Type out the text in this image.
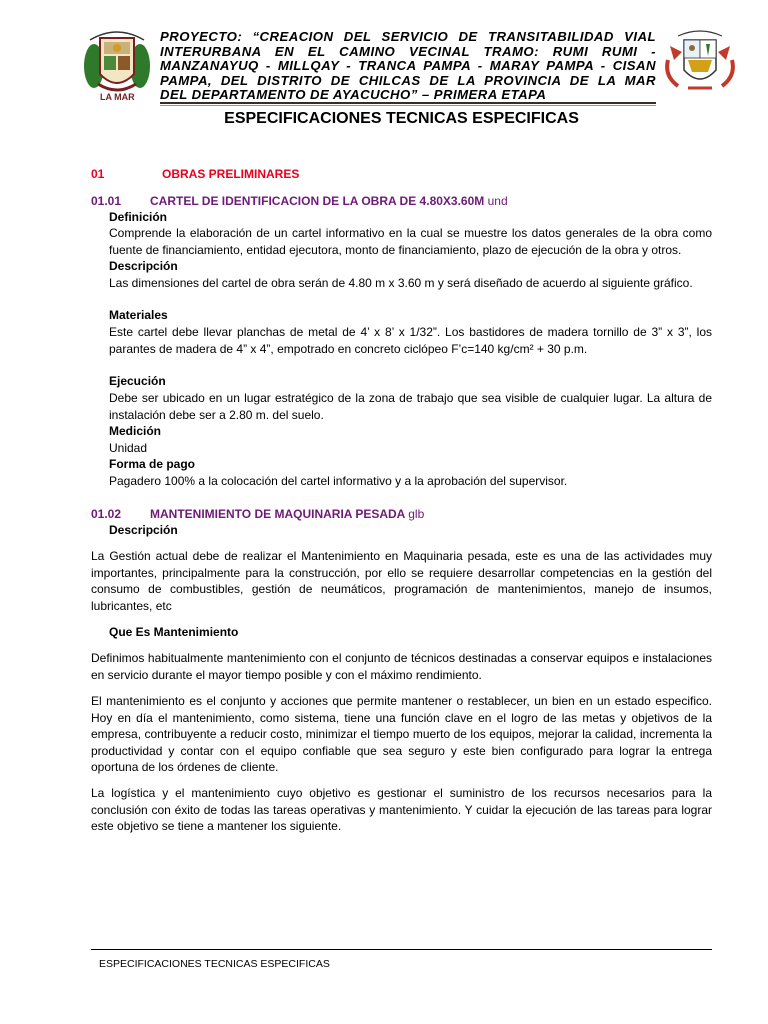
LA MAR
PROYECTO: “CREACION DEL SERVICIO DE TRANSITABILIDAD VIAL
INTERURBANA EN EL CAMINO VECINAL TRAMO: RUMI RUMI -
MANZANAYUQ - MILLQAY - TRANCA PAMPA - MARAY PAMPA - CISAN
PAMPA, DEL DISTRITO DE CHILCAS DE LA PROVINCIA DE LA MAR
DEL DEPARTAMENTO DE AYACUCHO” – PRIMERA ETAPA
ESPECIFICACIONES TECNICAS ESPECIFICAS
01	OBRAS PRELIMINARES
01.01 CARTEL DE IDENTIFICACION DE LA OBRA DE 4.80X3.60M und
Definición
Comprende la elaboración de un cartel informativo en la cual se muestre los datos generales de la obra como fuente de financiamiento, entidad ejecutora, monto de financiamiento, plazo de ejecución de la obra y otros.
Descripción
Las dimensiones del cartel de obra serán de 4.80 m x 3.60 m y será diseñado de acuerdo al siguiente gráfico.
Materiales
Este cartel debe llevar planchas de metal de 4’ x 8’ x 1/32”. Los bastidores de madera tornillo de 3” x 3”, los parantes de madera de 4” x 4”, empotrado en concreto ciclópeo F’c=140 kg/cm² + 30 p.m.
Ejecución
Debe ser ubicado en un lugar estratégico de la zona de trabajo que sea visible de cualquier lugar. La altura de instalación debe ser a 2.80 m. del suelo.
Medición
Unidad
Forma de pago
Pagadero 100% a la colocación del cartel informativo y a la aprobación del supervisor.
01.02 MANTENIMIENTO DE MAQUINARIA PESADA glb
Descripción
La Gestión actual debe de realizar el Mantenimiento en Maquinaria pesada, este es una de las actividades muy importantes, principalmente para la construcción, por ello se requiere desarrollar competencias en la gestión del consumo de combustibles, gestión de neumáticos, programación de mantenimientos, manejo de insumos, lubricantes, etc
Que Es Mantenimiento
Definimos habitualmente mantenimiento con el conjunto de técnicos destinadas a conservar equipos e instalaciones en servicio durante el mayor tiempo posible y con el máximo rendimiento.
El mantenimiento es el conjunto y acciones que permite mantener o restablecer, un bien en un estado especifico. Hoy en día el mantenimiento, como sistema, tiene una función clave en el logro de las metas y objetivos de la empresa, contribuyente a reducir costo, minimizar el tiempo muerto de los equipos, mejorar la calidad, incrementa la productividad y contar con el equipo confiable que sea seguro y este bien configurado para lograr la entrega oportuna de los órdenes de cliente.
La logística y el mantenimiento cuyo objetivo es gestionar el suministro de los recursos necesarios para la conclusión con éxito de todas las tareas operativas y mantenimiento. Y cuidar la ejecución de las tareas para lograr este objetivo se tiene a mantener los siguiente.
ESPECIFICACIONES TECNICAS ESPECIFICAS
